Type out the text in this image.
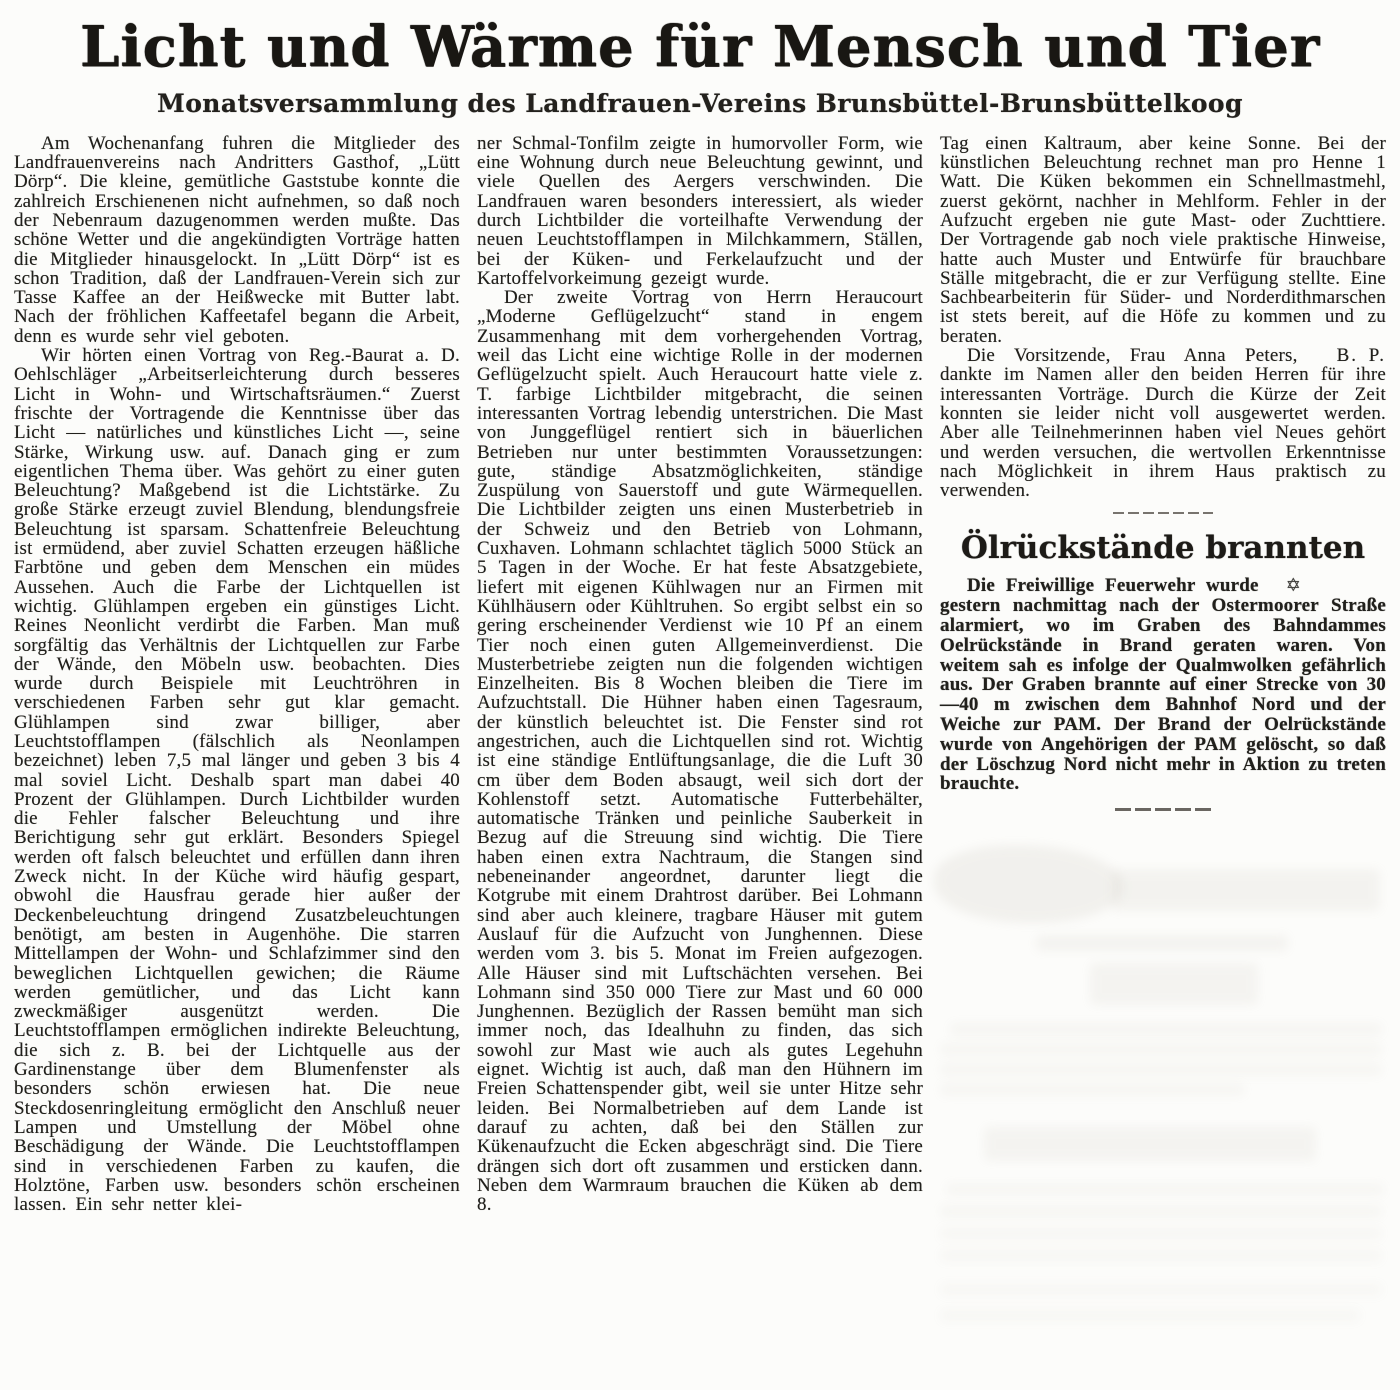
Licht und Wärme für Mensch und Tier
Monatsversammlung des Landfrauen-Vereins Brunsbüttel-Brunsbüttelkoog

Am Wochenanfang fuhren die Mitglieder des Landfrauenvereins nach Andritters Gasthof, „Lütt Dörp“. Die kleine, gemütliche Gaststube konnte die zahlreich Erschienenen nicht aufnehmen, so daß noch der Nebenraum dazugenommen werden mußte. Das schöne Wetter und die angekündigten Vorträge hatten die Mitglieder hinausgelockt. In „Lütt Dörp“ ist es schon Tradition, daß der Landfrauen-Verein sich zur Tasse Kaffee an der Heißwecke mit Butter labt. Nach der fröhlichen Kaffeetafel begann die Arbeit, denn es wurde sehr viel geboten.

Wir hörten einen Vortrag von Reg.-Baurat a. D. Oehlschläger „Arbeitserleichterung durch besseres Licht in Wohn- und Wirtschaftsräumen.“ Zuerst frischte der Vortragende die Kenntnisse über das Licht — natürliches und künstliches Licht —, seine Stärke, Wirkung usw. auf. Danach ging er zum eigentlichen Thema über. Was gehört zu einer guten Beleuchtung? Maßgebend ist die Lichtstärke. Zu große Stärke erzeugt zuviel Blendung, blendungsfreie Beleuchtung ist sparsam. Schattenfreie Beleuchtung ist ermüdend, aber zuviel Schatten erzeugen häßliche Farbtöne und geben dem Menschen ein müdes Aussehen. Auch die Farbe der Lichtquellen ist wichtig. Glühlampen ergeben ein günstiges Licht. Reines Neonlicht verdirbt die Farben. Man muß sorgfältig das Verhältnis der Lichtquellen zur Farbe der Wände, den Möbeln usw. beobachten. Dies wurde durch Beispiele mit Leuchtröhren in verschiedenen Farben sehr gut klar gemacht. Glühlampen sind zwar billiger, aber Leuchtstofflampen (fälschlich als Neonlampen bezeichnet) leben 7,5 mal länger und geben 3 bis 4 mal soviel Licht. Deshalb spart man dabei 40 Prozent der Glühlampen. Durch Lichtbilder wurden die Fehler falscher Beleuchtung und ihre Berichtigung sehr gut erklärt. Besonders Spiegel werden oft falsch beleuchtet und erfüllen dann ihren Zweck nicht. In der Küche wird häufig gespart, obwohl die Hausfrau gerade hier außer der Deckenbeleuchtung dringend Zusatzbeleuchtungen benötigt, am besten in Augenhöhe. Die starren Mittellampen der Wohn- und Schlafzimmer sind den beweglichen Lichtquellen gewichen; die Räume werden gemütlicher, und das Licht kann zweckmäßiger ausgenützt werden. Die Leuchtstofflampen ermöglichen indirekte Beleuchtung, die sich z. B. bei der Lichtquelle aus der Gardinenstange über dem Blumenfenster als besonders schön erwiesen hat. Die neue Steckdosenringleitung ermöglicht den Anschluß neuer Lampen und Umstellung der Möbel ohne Beschädigung der Wände. Die Leuchtstofflampen sind in verschiedenen Farben zu kaufen, die Holztöne, Farben usw. besonders schön erscheinen lassen. Ein sehr netter klei-

ner Schmal-Tonfilm zeigte in humorvoller Form, wie eine Wohnung durch neue Beleuchtung gewinnt, und viele Quellen des Aergers verschwinden. Die Landfrauen waren besonders interessiert, als wieder durch Lichtbilder die vorteilhafte Verwendung der neuen Leuchtstofflampen in Milchkammern, Ställen, bei der Küken- und Ferkelaufzucht und der Kartoffelvorkeimung gezeigt wurde.

Der zweite Vortrag von Herrn Heraucourt „Moderne Geflügelzucht“ stand in engem Zusammenhang mit dem vorhergehenden Vortrag, weil das Licht eine wichtige Rolle in der modernen Geflügelzucht spielt. Auch Heraucourt hatte viele z. T. farbige Lichtbilder mitgebracht, die seinen interessanten Vortrag lebendig unterstrichen. Die Mast von Junggeflügel rentiert sich in bäuerlichen Betrieben nur unter bestimmten Voraussetzungen: gute, ständige Absatzmöglichkeiten, ständige Zuspülung von Sauerstoff und gute Wärmequellen. Die Lichtbilder zeigten uns einen Musterbetrieb in der Schweiz und den Betrieb von Lohmann, Cuxhaven. Lohmann schlachtet täglich 5000 Stück an 5 Tagen in der Woche. Er hat feste Absatzgebiete, liefert mit eigenen Kühlwagen nur an Firmen mit Kühlhäusern oder Kühltruhen. So ergibt selbst ein so gering erscheinender Verdienst wie 10 Pf an einem Tier noch einen guten Allgemeinverdienst. Die Musterbetriebe zeigten nun die folgenden wichtigen Einzelheiten. Bis 8 Wochen bleiben die Tiere im Aufzuchtstall. Die Hühner haben einen Tagesraum, der künstlich beleuchtet ist. Die Fenster sind rot angestrichen, auch die Lichtquellen sind rot. Wichtig ist eine ständige Entlüftungsanlage, die die Luft 30 cm über dem Boden absaugt, weil sich dort der Kohlenstoff setzt. Automatische Futterbehälter, automatische Tränken und peinliche Sauberkeit in Bezug auf die Streuung sind wichtig. Die Tiere haben einen extra Nachtraum, die Stangen sind nebeneinander angeordnet, darunter liegt die Kotgrube mit einem Drahtrost darüber. Bei Lohmann sind aber auch kleinere, tragbare Häuser mit gutem Auslauf für die Aufzucht von Junghennen. Diese werden vom 3. bis 5. Monat im Freien aufgezogen. Alle Häuser sind mit Luftschächten versehen. Bei Lohmann sind 350 000 Tiere zur Mast und 60 000 Junghennen. Bezüglich der Rassen bemüht man sich immer noch, das Idealhuhn zu finden, das sich sowohl zur Mast wie auch als gutes Legehuhn eignet. Wichtig ist auch, daß man den Hühnern im Freien Schattenspender gibt, weil sie unter Hitze sehr leiden. Bei Normalbetrieben auf dem Lande ist darauf zu achten, daß bei den Ställen zur Kükenaufzucht die Ecken abgeschrägt sind. Die Tiere drängen sich dort oft zusammen und ersticken dann. Neben dem Warmraum brauchen die Küken ab dem 8.

Tag einen Kaltraum, aber keine Sonne. Bei der künstlichen Beleuchtung rechnet man pro Henne 1 Watt. Die Küken bekommen ein Schnellmastmehl, zuerst gekörnt, nachher in Mehlform. Fehler in der Aufzucht ergeben nie gute Mast- oder Zuchttiere. Der Vortragende gab noch viele praktische Hinweise, hatte auch Muster und Entwürfe für brauchbare Ställe mitgebracht, die er zur Verfügung stellte. Eine Sachbearbeiterin für Süder- und Norderdithmarschen ist stets bereit, auf die Höfe zu kommen und zu beraten.

B. P.
Die Vorsitzende, Frau Anna Peters, dankte im Namen aller den beiden Herren für ihre interessanten Vorträge. Durch die Kürze der Zeit konnten sie leider nicht voll ausgewertet werden. Aber alle Teilnehmerinnen haben viel Neues gehört und werden versuchen, die wertvollen Erkenntnisse nach Möglichkeit in ihrem Haus praktisch zu verwenden.

Ölrückstände brannten

✡
Die Freiwillige Feuerwehr wurde gestern nachmittag nach der Ostermoorer Straße alarmiert, wo im Graben des Bahndammes Oelrückstände in Brand geraten waren. Von weitem sah es infolge der Qualmwolken gefährlich aus. Der Graben brannte auf einer Strecke von 30—40 m zwischen dem Bahnhof Nord und der Weiche zur PAM. Der Brand der Oelrückstände wurde von Angehörigen der PAM gelöscht, so daß der Löschzug Nord nicht mehr in Aktion zu treten brauchte.
